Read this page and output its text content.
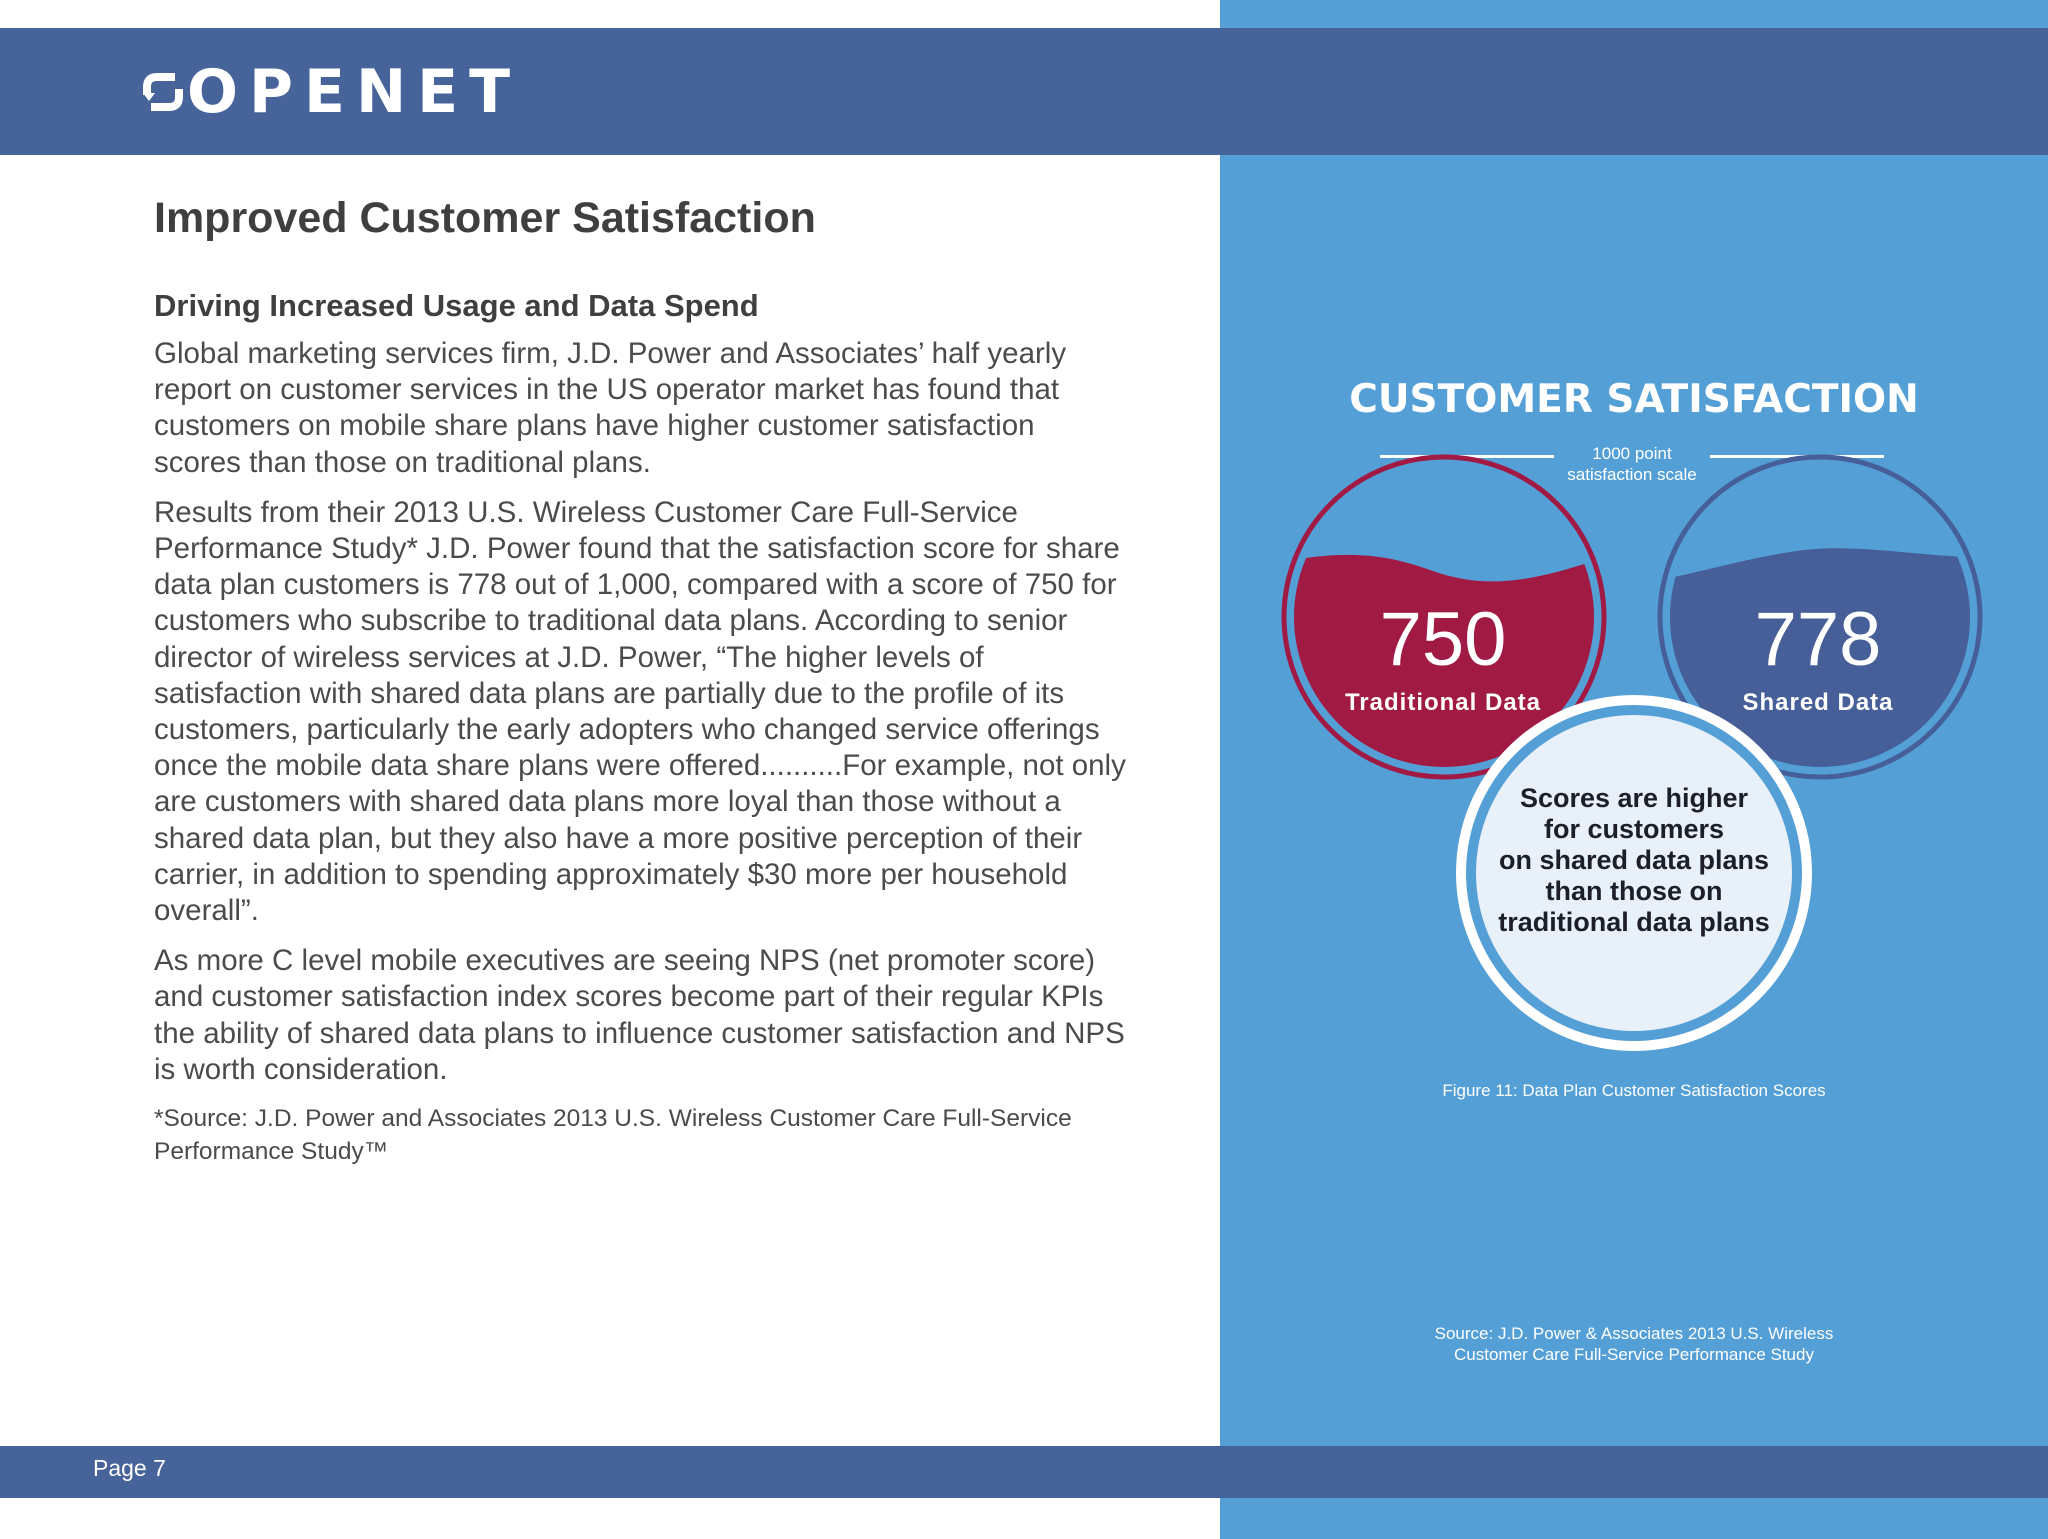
OPENET
Improved Customer Satisfaction
Driving Increased Usage and Data Spend

Global marketing services firm, J.D. Power and Associates’ half yearly report on customer services in the US operator market has found that customers on mobile share plans have higher customer satisfaction scores than those on traditional plans.

Results from their 2013 U.S. Wireless Customer Care Full-Service Performance Study* J.D. Power found that the satisfaction score for share data plan customers is 778 out of 1,000, compared with a score of 750 for customers who subscribe to traditional data plans. According to senior director of wireless services at J.D. Power, “The higher levels of satisfaction with shared data plans are partially due to the profile of its customers, particularly the early adopters who changed service offerings once the mobile data share plans were offered..........For example, not only are customers with shared data plans more loyal than those without a shared data plan, but they also have a more positive perception of their carrier, in addition to spending approximately $30 more per household overall”.

As more C level mobile executives are seeing NPS (net promoter score) and customer satisfaction index scores become part of their regular KPIs the ability of shared data plans to influence customer satisfaction and NPS is worth consideration.

*Source: J.D. Power and Associates 2013 U.S. Wireless Customer Care Full-Service Performance Study™

CUSTOMER SATISFACTION
1000 point
satisfaction scale
750
Traditional Data
778
Shared Data
Scores are higher
for customers
on shared data plans
than those on
traditional data plans
Figure 11: Data Plan Customer Satisfaction Scores
Source: J.D. Power & Associates 2013 U.S. Wireless
Customer Care Full-Service Performance Study
Page 7
